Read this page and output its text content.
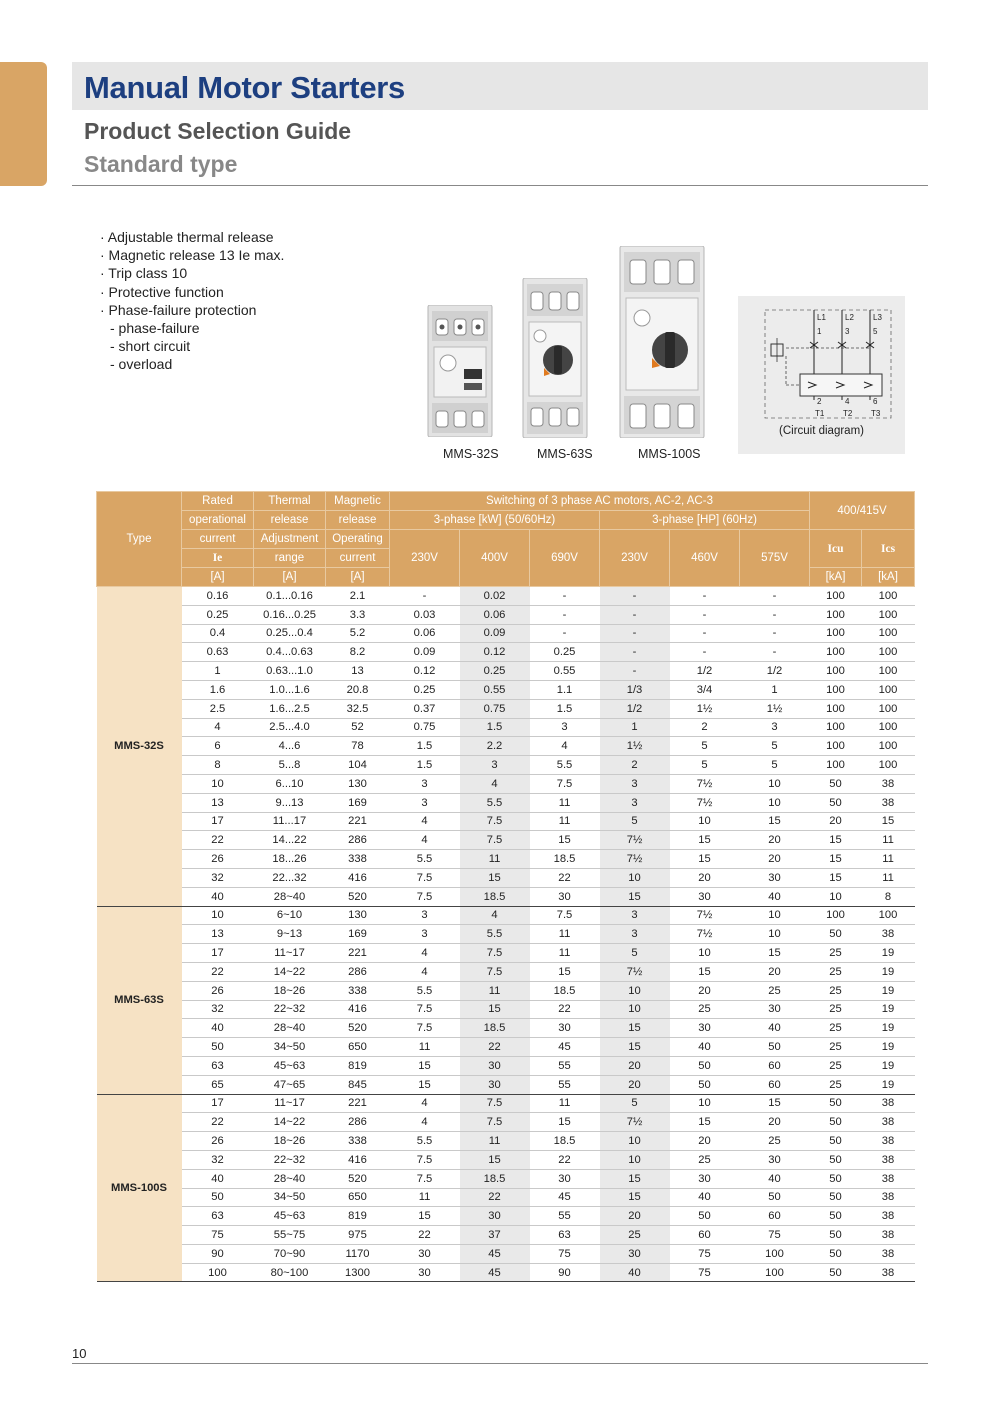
Manual Motor Starters
Product Selection Guide
Standard type
· Adjustable thermal release
· Magnetic release 13 Ie max.
· Trip class 10
· Protective function
· Phase-failure protection
- phase-failure
- short circuit
- overload
MMS-32S	MMS-63S	MMS-100S
L1 L2 L3
1	3	5
2	4	6
T1 T2 T3
(Circuit diagram)
Type	Rated	Thermal	Magnetic	Switching of 3 phase AC motors, AC-2, AC-3						400/415V	
	operational	release	release	3-phase [kW] (50/60Hz)			3-phase [HP] (60Hz)				
	current	Adjustment	Operating	230V	400V	690V	230V	460V	575V	Icu	Ics
	Ie	range	current								
	[A]	[A]	[A]							[kA]	[kA]
MMS-32S	0.16	0.1...0.16	2.1	-	0.02	-	-	-	-	100	100
	0.25	0.16...0.25	3.3	0.03	0.06	-	-	-	-	100	100
	0.4	0.25...0.4	5.2	0.06	0.09	-	-	-	-	100	100
	0.63	0.4...0.63	8.2	0.09	0.12	0.25	-	-	-	100	100
	1	0.63...1.0	13	0.12	0.25	0.55	-	1/2	1/2	100	100
	1.6	1.0...1.6	20.8	0.25	0.55	1.1	1/3	3/4	1	100	100
	2.5	1.6...2.5	32.5	0.37	0.75	1.5	1/2	1½	1½	100	100
	4	2.5...4.0	52	0.75	1.5	3	1	2	3	100	100
	6	4...6	78	1.5	2.2	4	1½	5	5	100	100
	8	5...8	104	1.5	3	5.5	2	5	5	100	100
	10	6...10	130	3	4	7.5	3	7½	10	50	38
	13	9...13	169	3	5.5	11	3	7½	10	50	38
	17	11...17	221	4	7.5	11	5	10	15	20	15
	22	14...22	286	4	7.5	15	7½	15	20	15	11
	26	18...26	338	5.5	11	18.5	7½	15	20	15	11
	32	22...32	416	7.5	15	22	10	20	30	15	11
	40	28~40	520	7.5	18.5	30	15	30	40	10	8
MMS-63S	10	6~10	130	3	4	7.5	3	7½	10	100	100
	13	9~13	169	3	5.5	11	3	7½	10	50	38
	17	11~17	221	4	7.5	11	5	10	15	25	19
	22	14~22	286	4	7.5	15	7½	15	20	25	19
	26	18~26	338	5.5	11	18.5	10	20	25	25	19
	32	22~32	416	7.5	15	22	10	25	30	25	19
	40	28~40	520	7.5	18.5	30	15	30	40	25	19
	50	34~50	650	11	22	45	15	40	50	25	19
	63	45~63	819	15	30	55	20	50	60	25	19
	65	47~65	845	15	30	55	20	50	60	25	19
MMS-100S	17	11~17	221	4	7.5	11	5	10	15	50	38
	22	14~22	286	4	7.5	15	7½	15	20	50	38
	26	18~26	338	5.5	11	18.5	10	20	25	50	38
	32	22~32	416	7.5	15	22	10	25	30	50	38
	40	28~40	520	7.5	18.5	30	15	30	40	50	38
	50	34~50	650	11	22	45	15	40	50	50	38
	63	45~63	819	15	30	55	20	50	60	50	38
	75	55~75	975	22	37	63	25	60	75	50	38
	90	70~90	1170	30	45	75	30	75	100	50	38
	100	80~100	1300	30	45	90	40	75	100	50	38
10
